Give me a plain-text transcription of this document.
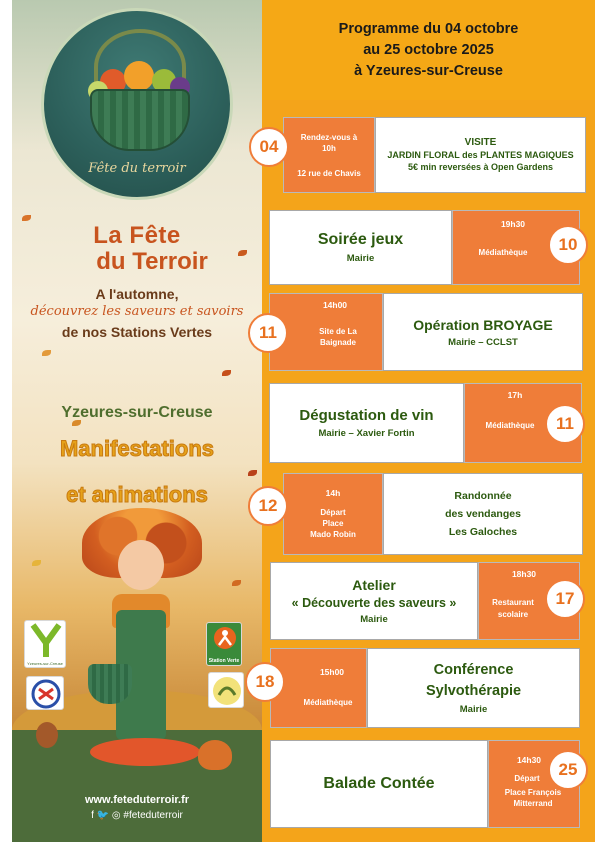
Fête du terroir
La Fête
du Terroir
A l'automne,
découvrez les saveurs et savoirs
de nos Stations Vertes
Yzeures-sur-Creuse
Manifestations
et animations
Yzeures-sur-Creuse	Station Verte
www.feteduterroir.fr
f 🐦 ◎ #feteduterroir
Programme du 04 octobre
au 25 octobre 2025
à Yzeures-sur-Creuse
Rendez-vous à 10h
12 rue de Chavis
VISITE
JARDIN FLORAL des PLANTES MAGIQUES
5€ min reversées à Open Gardens
04
Soirée jeux
Mairie
19h30
Médiathèque	10
14h00
Site de La Baignade
Opération BROYAGE
Mairie – CCLST
11
Dégustation de vin
Mairie – Xavier Fortin
17h
Médiathèque	11
14h
Départ
Place
Mado Robin
Randonnée
des vendanges
Les Galoches
12
Atelier
« Découverte des saveurs »
Mairie
18h30
Restaurant
scolaire
17
15h00
Médiathèque
Conférence
Sylvothérapie
Mairie
18
Balade Contée
14h30
Départ
Place François
Mitterrand
25
